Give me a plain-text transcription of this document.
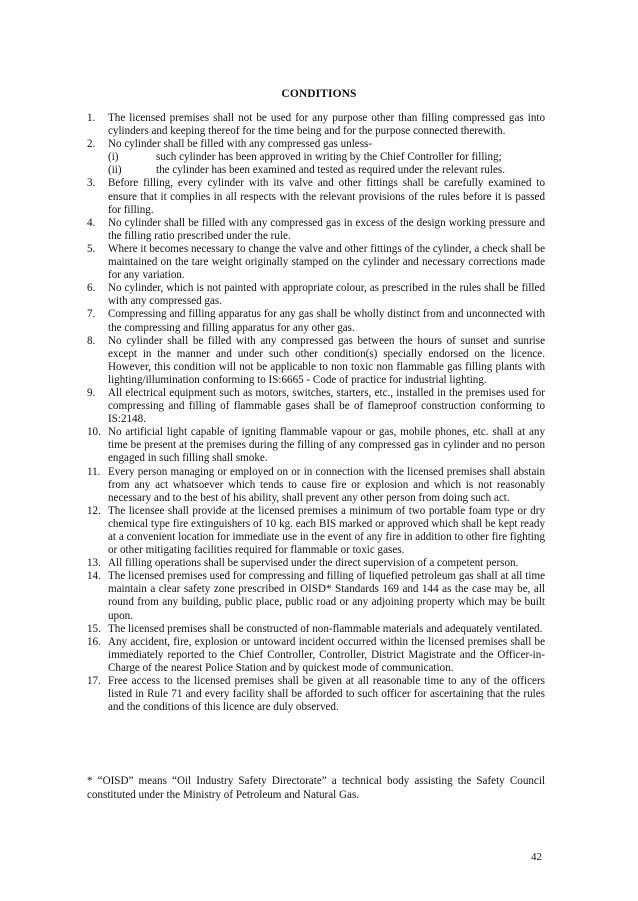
CONDITIONS
1. The licensed premises shall not be used for any purpose other than filling compressed gas into cylinders and keeping thereof for the time being and for the purpose connected therewith.
2. No cylinder shall be filled with any compressed gas unless-
(i)	such cylinder has been approved in writing by the Chief Controller for filling;
(ii)	the cylinder has been examined and tested as required under the relevant rules.
3. Before filling, every cylinder with its valve and other fittings shall be carefully examined to ensure that it complies in all respects with the relevant provisions of the rules before it is passed for filling.
4. No cylinder shall be filled with any compressed gas in excess of the design working pressure and the filling ratio prescribed under the rule.
5. Where it becomes necessary to change the valve and other fittings of the cylinder, a check shall be maintained on the tare weight originally stamped on the cylinder and necessary corrections made for any variation.
6. No cylinder, which is not painted with appropriate colour, as prescribed in the rules shall be filled with any compressed gas.
7. Compressing and filling apparatus for any gas shall be wholly distinct from and unconnected with the compressing and filling apparatus for any other gas.
8. No cylinder shall be filled with any compressed gas between the hours of sunset and sunrise except in the manner and under such other condition(s) specially endorsed on the licence. However, this condition will not be applicable to non toxic non flammable gas filling plants with lighting/illumination conforming to IS:6665 - Code of practice for industrial lighting.
9. All electrical equipment such as motors, switches, starters, etc., installed in the premises used for compressing and filling of flammable gases shall be of flameproof construction conforming to IS:2148.
10. No artificial light capable of igniting flammable vapour or gas, mobile phones, etc. shall at any time be present at the premises during the filling of any compressed gas in cylinder and no person engaged in such filling shall smoke.
11. Every person managing or employed on or in connection with the licensed premises shall abstain from any act whatsoever which tends to cause fire or explosion and which is not reasonably necessary and to the best of his ability, shall prevent any other person from doing such act.
12. The licensee shall provide at the licensed premises a minimum of two portable foam type or dry chemical type fire extinguishers of 10 kg. each BIS marked or approved which shall be kept ready at a convenient location for immediate use in the event of any fire in addition to other fire fighting or other mitigating facilities required for flammable or toxic gases.
13. All filling operations shall be supervised under the direct supervision of a competent person.
14. The licensed premises used for compressing and filling of liquefied petroleum gas shall at all time maintain a clear safety zone prescribed in OISD* Standards 169 and 144 as the case may be, all round from any building, public place, public road or any adjoining property which may be built upon.
15. The licensed premises shall be constructed of non-flammable materials and adequately ventilated.
16. Any accident, fire, explosion or untoward incident occurred within the licensed premises shall be immediately reported to the Chief Controller, Controller, District Magistrate and the Officer-in-Charge of the nearest Police Station and by quickest mode of communication.
17. Free access to the licensed premises shall be given at all reasonable time to any of the officers listed in Rule 71 and every facility shall be afforded to such officer for ascertaining that the rules and the conditions of this licence are duly observed.

* “OISD” means “Oil Industry Safety Directorate” a technical body assisting the Safety Council constituted under the Ministry of Petroleum and Natural Gas.

42
